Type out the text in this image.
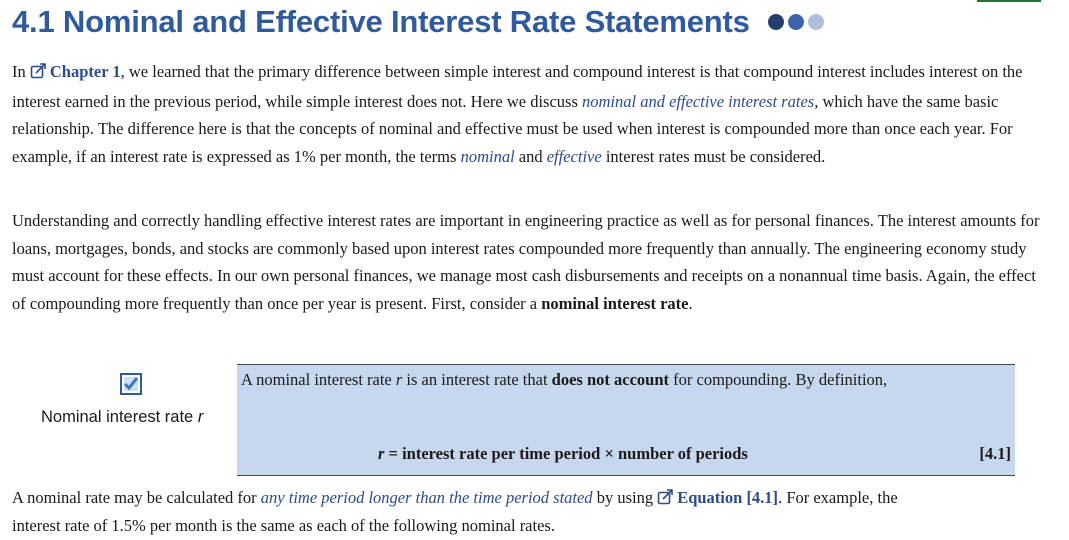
4.1 Nominal and Effective Interest Rate Statements

In Chapter 1, we learned that the primary difference between simple interest and compound interest is that compound interest includes interest on the interest earned in the previous period, while simple interest does not. Here we discuss nominal and effective interest rates, which have the same basic relationship. The difference here is that the concepts of nominal and effective must be used when interest is compounded more than once each year. For example, if an interest rate is expressed as 1% per month, the terms nominal and effective interest rates must be considered.

Understanding and correctly handling effective interest rates are important in engineering practice as well as for personal finances. The interest amounts for loans, mortgages, bonds, and stocks are commonly based upon interest rates compounded more frequently than annually. The engineering economy study must account for these effects. In our own personal finances, we manage most cash disbursements and receipts on a nonannual time basis. Again, the effect of compounding more frequently than once per year is present. First, consider a nominal interest rate.

Nominal interest rate r
A nominal interest rate r is an interest rate that does not account for compounding. By definition,
r = interest rate per time period × number of periods	[4.1]

A nominal rate may be calculated for any time period longer than the time period stated by using Equation [4.1]. For example, the

interest rate of 1.5% per month is the same as each of the following nominal rates.
